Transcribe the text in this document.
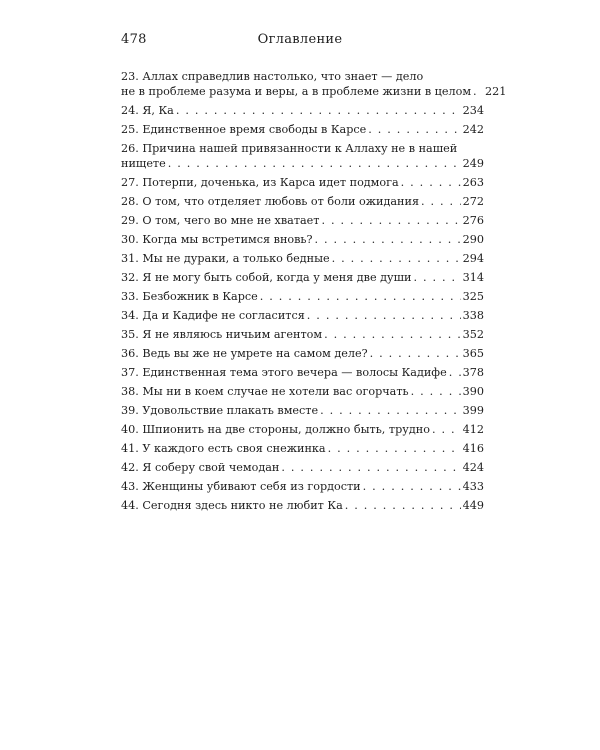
478	Оглавление
23. Аллах справедлив настолько, что знает — дело
не в проблеме разума и веры, а в проблеме жизни в целом . . . 221
24. Я, Ка . . .	234
25. Единственное время свободы в Карсе . . .	242
26. Причина нашей привязанности к Аллаху не в нашей
нищете . . .	249
27. Потерпи, доченька, из Карса идет подмога . . .	263
28. О том, что отделяет любовь от боли ожидания . . .	272
29. О том, чего во мне не хватает . . .	276
30. Когда мы встретимся вновь? . . .	290
31. Мы не дураки, а только бедные . . .	294
32. Я не могу быть собой, когда у меня две души . . .	314
33. Безбожник в Карсе . . .	325
34. Да и Кадифе не согласится . . .	338
35. Я не являюсь ничьим агентом . . .	352
36. Ведь вы же не умрете на самом деле? . . .	365
37. Единственная тема этого вечера — волосы Кадифе . . . 378
38. Мы ни в коем случае не хотели вас огорчать . . .	390
39. Удовольствие плакать вместе . . .	399
40. Шпионить на две стороны, должно быть, трудно . . .	412
41. У каждого есть своя снежинка . . .	416
42. Я соберу свой чемодан . . .	424
43. Женщины убивают себя из гордости . . .	433
44. Сегодня здесь никто не любит Ка . . .	449
